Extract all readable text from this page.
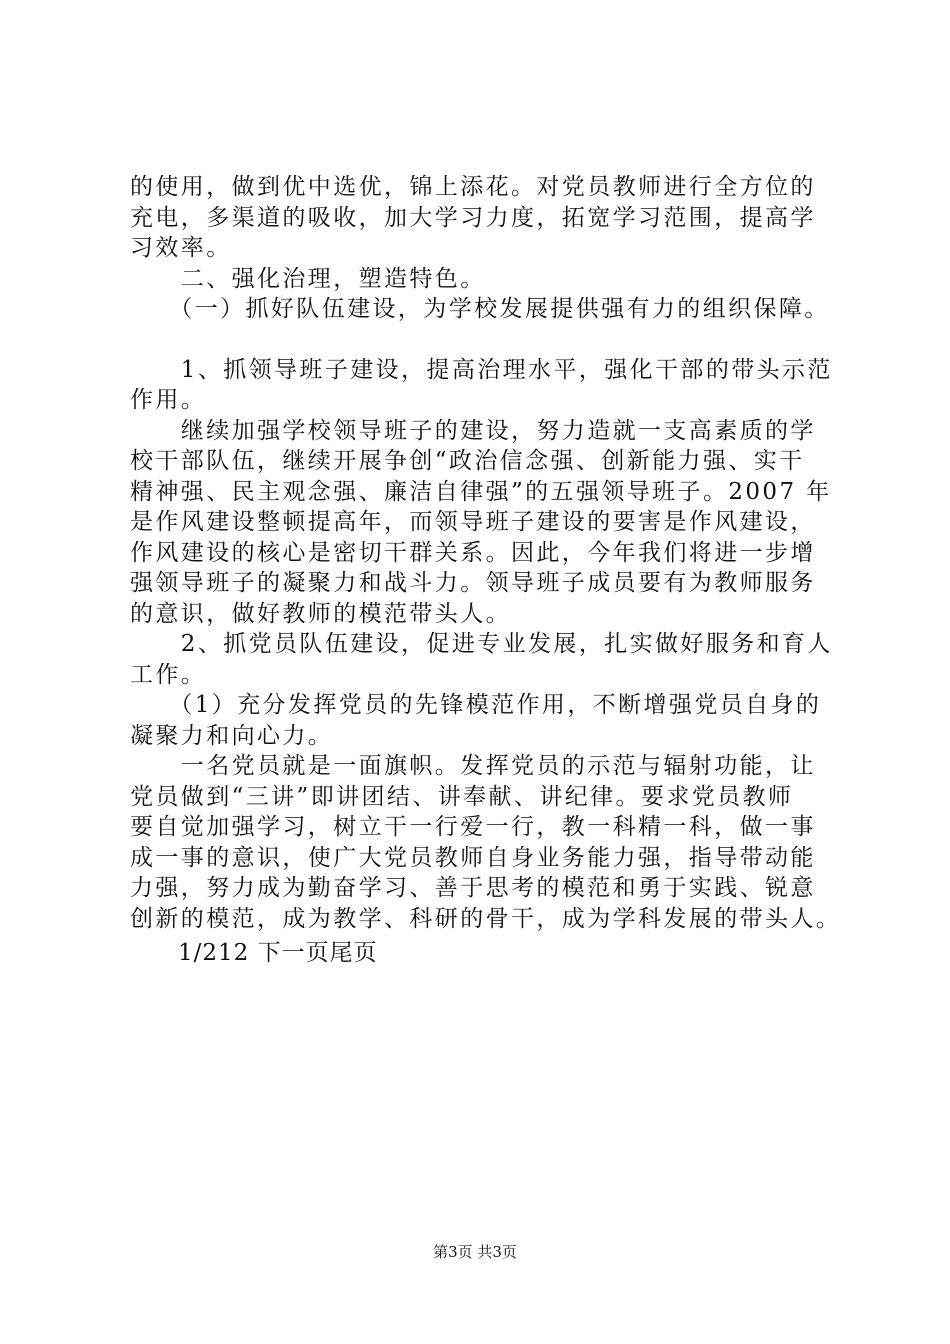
的使用，做到优中选优，锦上添花。对党员教师进行全方位的
充电，多渠道的吸收，加大学习力度，拓宽学习范围，提高学
习效率。
　　二、强化治理，塑造特色。
　　（一）抓好队伍建设，为学校发展提供强有力的组织保障。
　　1、抓领导班子建设，提高治理水平，强化干部的带头示范
作用。
　　继续加强学校领导班子的建设，努力造就一支高素质的学
校干部队伍，继续开展争创“政治信念强、创新能力强、实干
精神强、民主观念强、廉洁自律强”的五强领导班子。2007 年
是作风建设整顿提高年，而领导班子建设的要害是作风建设，
作风建设的核心是密切干群关系。因此，今年我们将进一步增
强领导班子的凝聚力和战斗力。领导班子成员要有为教师服务
的意识，做好教师的模范带头人。
　　2、抓党员队伍建设，促进专业发展，扎实做好服务和育人
工作。
　　（1）充分发挥党员的先锋模范作用，不断增强党员自身的
凝聚力和向心力。
　　一名党员就是一面旗帜。发挥党员的示范与辐射功能，让
党员做到“三讲”即讲团结、讲奉献、讲纪律。要求党员教师
要自觉加强学习，树立干一行爱一行，教一科精一科，做一事
成一事的意识，使广大党员教师自身业务能力强，指导带动能
力强，努力成为勤奋学习、善于思考的模范和勇于实践、锐意
创新的模范，成为教学、科研的骨干，成为学科发展的带头人。
1/212 下一页尾页
第3页 共3页
